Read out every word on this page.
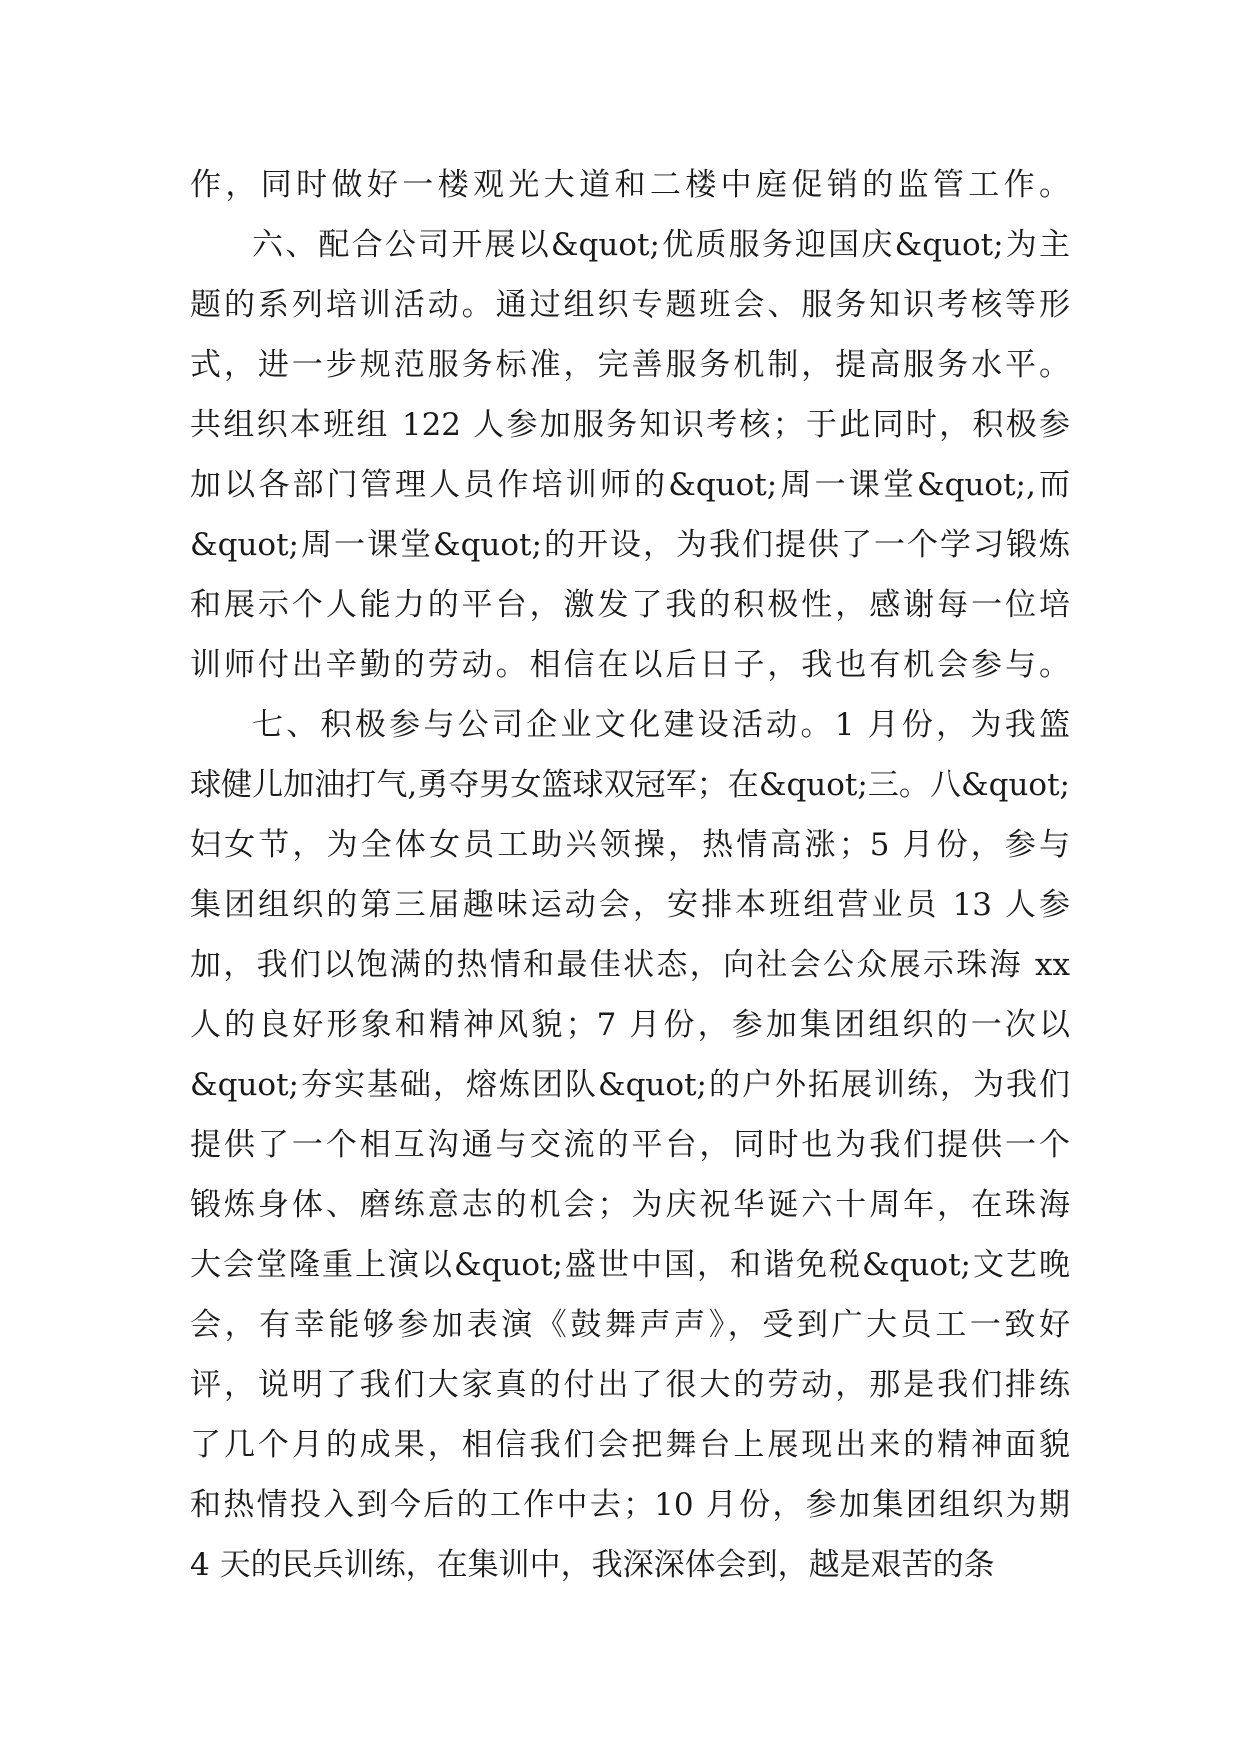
作，同时做好一楼观光大道和二楼中庭促销的监管工作。
六、配合公司开展以&quot;优质服务迎国庆&quot;为主
题的系列培训活动。通过组织专题班会、服务知识考核等形
式，进一步规范服务标准，完善服务机制，提高服务水平。
共组织本班组 122 人参加服务知识考核；于此同时，积极参
加以各部门管理人员作培训师的&quot;周一课堂&quot;,而
&quot;周一课堂&quot;的开设，为我们提供了一个学习锻炼
和展示个人能力的平台，激发了我的积极性，感谢每一位培
训师付出辛勤的劳动。相信在以后日子，我也有机会参与。
七、积极参与公司企业文化建设活动。1 月份，为我篮
球健儿加油打气,勇夺男女篮球双冠军；在&quot;三。八&quot;
妇女节，为全体女员工助兴领操，热情高涨；5 月份，参与
集团组织的第三届趣味运动会，安排本班组营业员 13 人参
加，我们以饱满的热情和最佳状态，向社会公众展示珠海 xx
人的良好形象和精神风貌；7 月份，参加集团组织的一次以
&quot;夯实基础，熔炼团队&quot;的户外拓展训练，为我们
提供了一个相互沟通与交流的平台，同时也为我们提供一个
锻炼身体、磨练意志的机会；为庆祝华诞六十周年，在珠海
大会堂隆重上演以&quot;盛世中国，和谐免税&quot;文艺晚
会，有幸能够参加表演《鼓舞声声》，受到广大员工一致好
评，说明了我们大家真的付出了很大的劳动，那是我们排练
了几个月的成果，相信我们会把舞台上展现出来的精神面貌
和热情投入到今后的工作中去；10 月份，参加集团组织为期
4 天的民兵训练，在集训中，我深深体会到，越是艰苦的条
